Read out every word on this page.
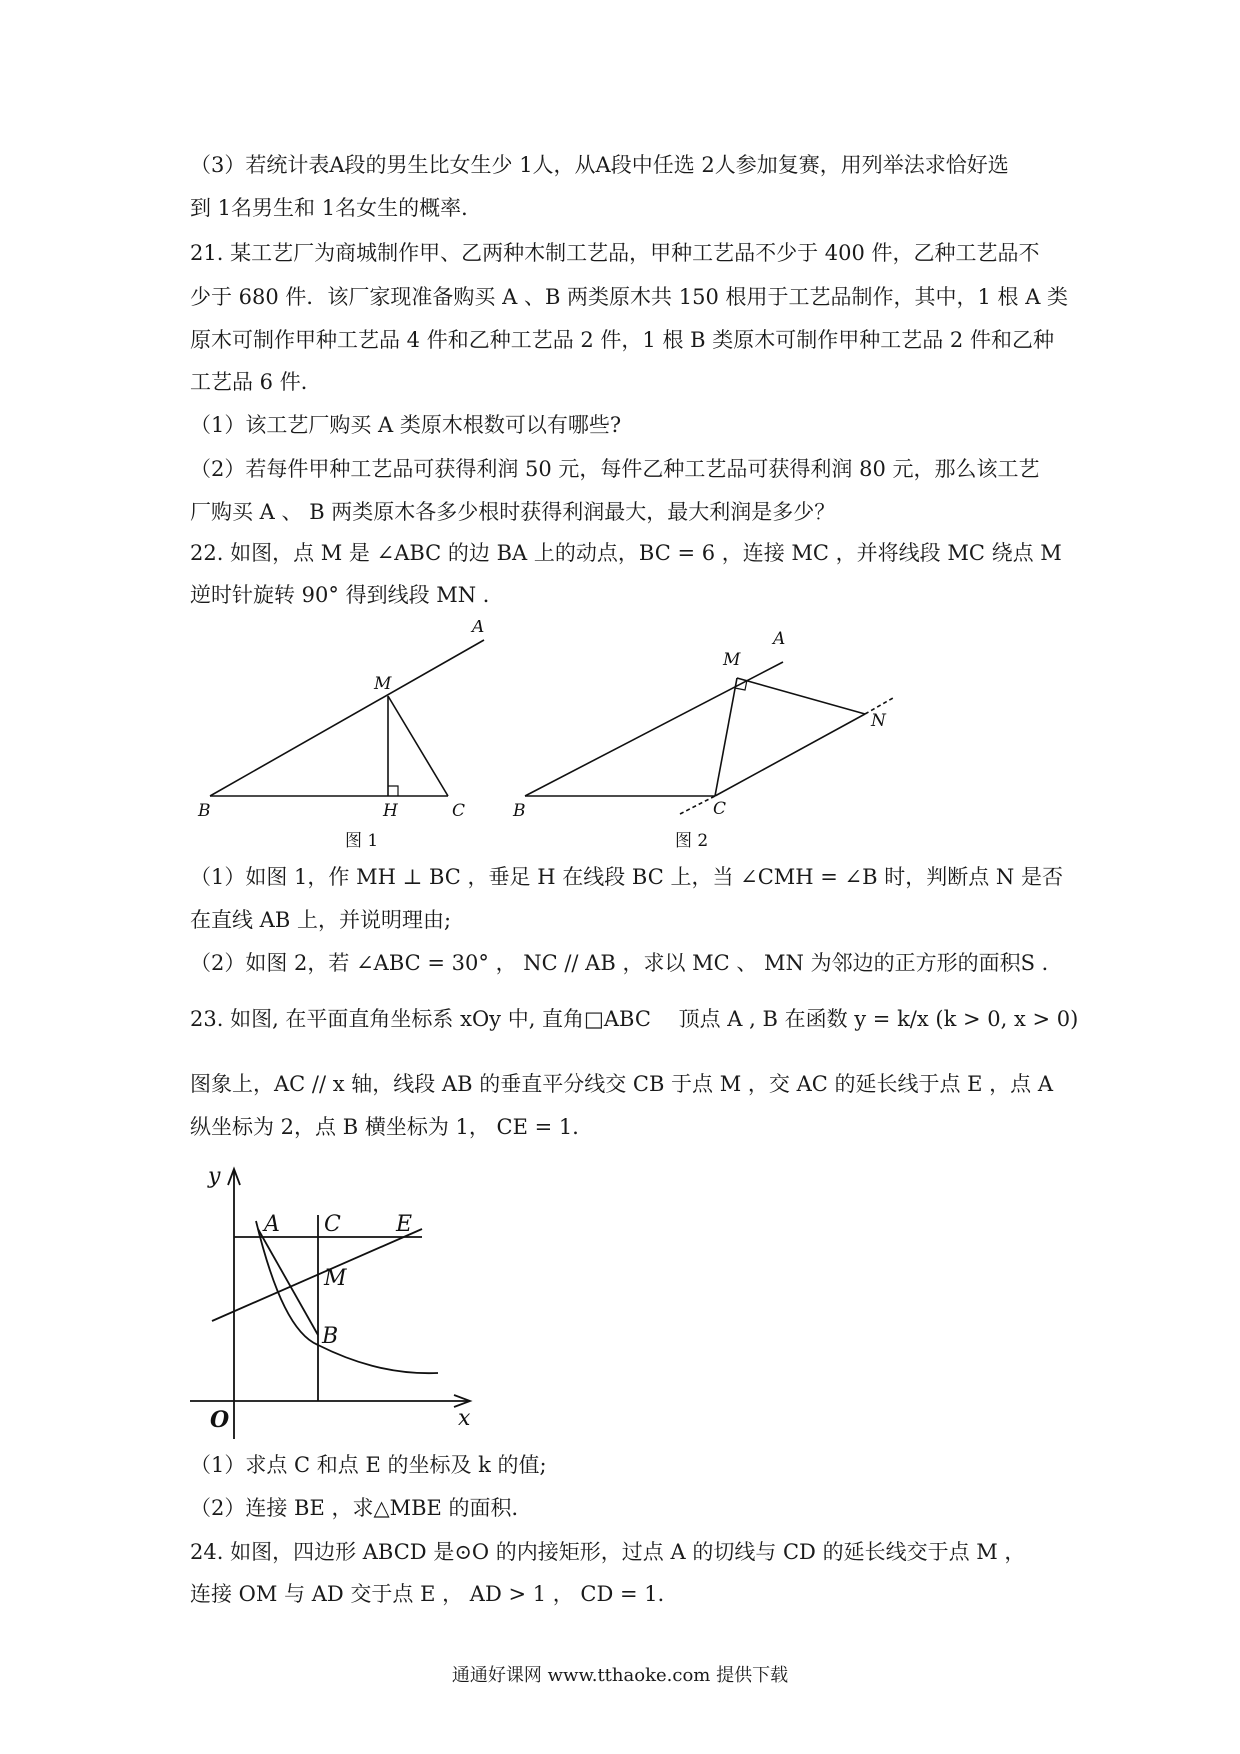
（3）若统计表A段的男生比女生少 1人，从A段中任选 2人参加复赛，用列举法求恰好选
到 1名男生和 1名女生的概率．
21. 某工艺厂为商城制作甲、乙两种木制工艺品，甲种工艺品不少于 400 件，乙种工艺品不
少于 680 件．该厂家现准备购买 A 、B 两类原木共 150 根用于工艺品制作，其中，1 根 A 类
原木可制作甲种工艺品 4 件和乙种工艺品 2 件，1 根 B 类原木可制作甲种工艺品 2 件和乙种
工艺品 6 件．
（1）该工艺厂购买 A 类原木根数可以有哪些?
（2）若每件甲种工艺品可获得利润 50 元，每件乙种工艺品可获得利润 80 元，那么该工艺
厂购买 A 、 B 两类原木各多少根时获得利润最大，最大利润是多少？
22. 如图，点 M 是 ∠ABC 的边 BA 上的动点，BC = 6 ，连接 MC ，并将线段 MC 绕点 M
逆时针旋转 90° 得到线段 MN ．
A
M
B	H	C
图 1
A
M
N
B	C
图 2
（1）如图 1，作 MH ⊥ BC ，垂足 H 在线段 BC 上，当 ∠CMH = ∠B 时，判断点 N 是否
在直线 AB 上，并说明理由;
（2）如图 2，若 ∠ABC = 30° ， NC // AB ，求以 MC 、 MN 为邻边的正方形的面积S ．
23. 如图, 在平面直角坐标系 xOy 中, 直角□ABC　 顶点 A , B 在函数 y = k/x (k > 0, x > 0)
图象上，AC // x 轴，线段 AB 的垂直平分线交 CB 于点 M ，交 AC 的延长线于点 E ，点 A
纵坐标为 2，点 B 横坐标为 1， CE = 1．
y
x
O
A C	E
M
B
（1）求点 C 和点 E 的坐标及 k 的值;
（2）连接 BE ，求△MBE 的面积．
24. 如图，四边形 ABCD 是⊙O 的内接矩形，过点 A 的切线与 CD 的延长线交于点 M ，
连接 OM 与 AD 交于点 E ， AD > 1 ， CD = 1．
通通好课网 www.tthaoke.com 提供下载
